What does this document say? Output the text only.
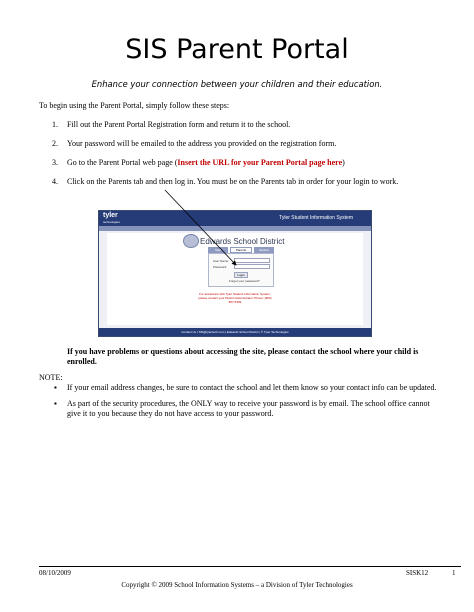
SIS Parent Portal
Enhance your connection between your children and their education.
To begin using the Parent Portal, simply follow these steps:
1. Fill out the Parent Portal Registration form and return it to the school.
2. Your password will be emailed to the address you provided on the registration form.
3. Go to the Parent Portal web page (Insert the URL for your Parent Portal page here)
4. Click on the Parents tab and then log in. You must be on the Parents tab in order for your login to work.
tyler
technologies
Tyler Student Information System
Edwards School District
Staff	Parents	Student
User Name:
Password:
Login
Forgot your password?
For assistance with Tyler Student Information System, please contact your District Administrator. Phone: (800) 867-5309
Contact Us | SIS@tylertech.com | Edwards School District | © Tyler Technologies
If you have problems or questions about accessing the site, please contact the school where your child is enrolled.
NOTE:
▪ If your email address changes, be sure to contact the school and let them know so your contact info can be updated.
▪ As part of the security procedures, the ONLY way to receive your password is by email. The school office cannot give it to you because they do not have access to your password.
08/10/2009	SISK12	1
Copyright © 2009 School Information Systems – a Division of Tyler Technologies
